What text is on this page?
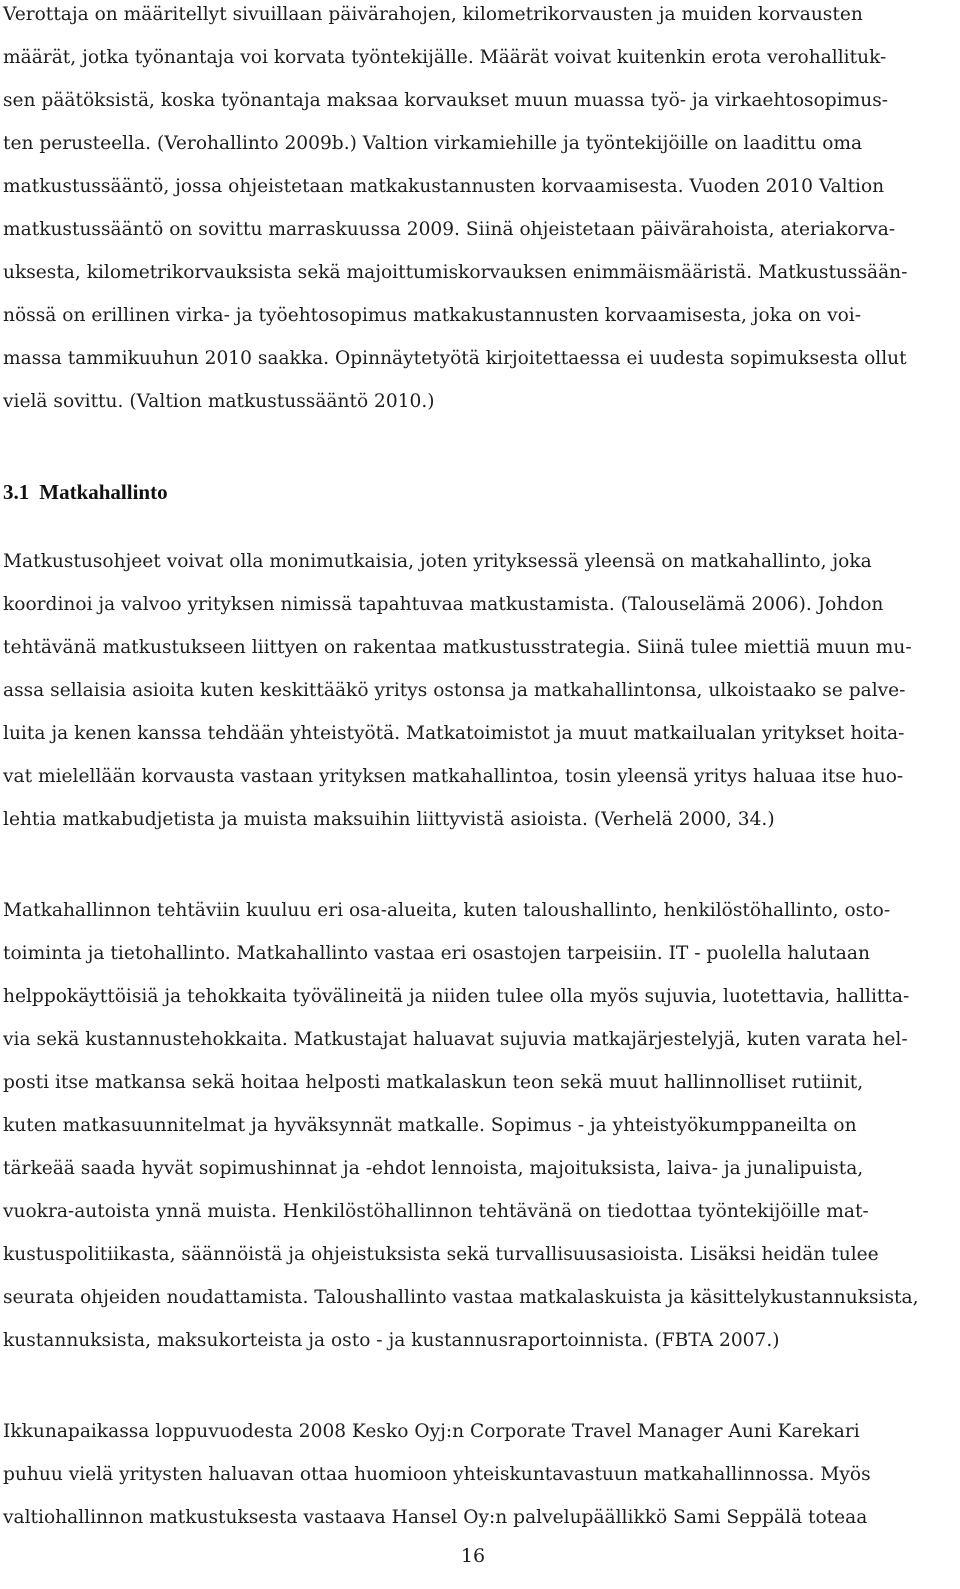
Verottaja on määritellyt sivuillaan päivärahojen, kilometrikorvausten ja muiden korvausten
määrät, jotka työnantaja voi korvata työntekijälle. Määrät voivat kuitenkin erota verohallituk-
sen päätöksistä, koska työnantaja maksaa korvaukset muun muassa työ- ja virkaehtosopimus-
ten perusteella. (Verohallinto 2009b.) Valtion virkamiehille ja työntekijöille on laadittu oma
matkustussääntö, jossa ohjeistetaan matkakustannusten korvaamisesta. Vuoden 2010 Valtion
matkustussääntö on sovittu marraskuussa 2009. Siinä ohjeistetaan päivärahoista, ateriakorva-
uksesta, kilometrikorvauksista sekä majoittumiskorvauksen enimmäismääristä. Matkustussään-
nössä on erillinen virka- ja työehtosopimus matkakustannusten korvaamisesta, joka on voi-
massa tammikuuhun 2010 saakka. Opinnäytetyötä kirjoitettaessa ei uudesta sopimuksesta ollut
vielä sovittu. (Valtion matkustussääntö 2010.)
3.1 Matkahallinto
Matkustusohjeet voivat olla monimutkaisia, joten yrityksessä yleensä on matkahallinto, joka
koordinoi ja valvoo yrityksen nimissä tapahtuvaa matkustamista. (Talouselämä 2006). Johdon
tehtävänä matkustukseen liittyen on rakentaa matkustusstrategia. Siinä tulee miettiä muun mu-
assa sellaisia asioita kuten keskittääkö yritys ostonsa ja matkahallintonsa, ulkoistaako se palve-
luita ja kenen kanssa tehdään yhteistyötä. Matkatoimistot ja muut matkailualan yritykset hoita-
vat mielellään korvausta vastaan yrityksen matkahallintoa, tosin yleensä yritys haluaa itse huo-
lehtia matkabudjetista ja muista maksuihin liittyvistä asioista. (Verhelä 2000, 34.)
Matkahallinnon tehtäviin kuuluu eri osa-alueita, kuten taloushallinto, henkilöstöhallinto, osto-
toiminta ja tietohallinto. Matkahallinto vastaa eri osastojen tarpeisiin. IT - puolella halutaan
helppokäyttöisiä ja tehokkaita työvälineitä ja niiden tulee olla myös sujuvia, luotettavia, hallitta-
via sekä kustannustehokkaita. Matkustajat haluavat sujuvia matkajärjestelyjä, kuten varata hel-
posti itse matkansa sekä hoitaa helposti matkalaskun teon sekä muut hallinnolliset rutiinit,
kuten matkasuunnitelmat ja hyväksynnät matkalle. Sopimus - ja yhteistyökumppaneilta on
tärkeää saada hyvät sopimushinnat ja -ehdot lennoista, majoituksista, laiva- ja junalipuista,
vuokra-autoista ynnä muista. Henkilöstöhallinnon tehtävänä on tiedottaa työntekijöille mat-
kustuspolitiikasta, säännöistä ja ohjeistuksista sekä turvallisuusasioista. Lisäksi heidän tulee
seurata ohjeiden noudattamista. Taloushallinto vastaa matkalaskuista ja käsittelykustannuksista,
kustannuksista, maksukorteista ja osto - ja kustannusraportoinnista. (FBTA 2007.)
Ikkunapaikassa loppuvuodesta 2008 Kesko Oyj:n Corporate Travel Manager Auni Karekari
puhuu vielä yritysten haluavan ottaa huomioon yhteiskuntavastuun matkahallinnossa. Myös
valtiohallinnon matkustuksesta vastaava Hansel Oy:n palvelupäällikkö Sami Seppälä toteaa
16
